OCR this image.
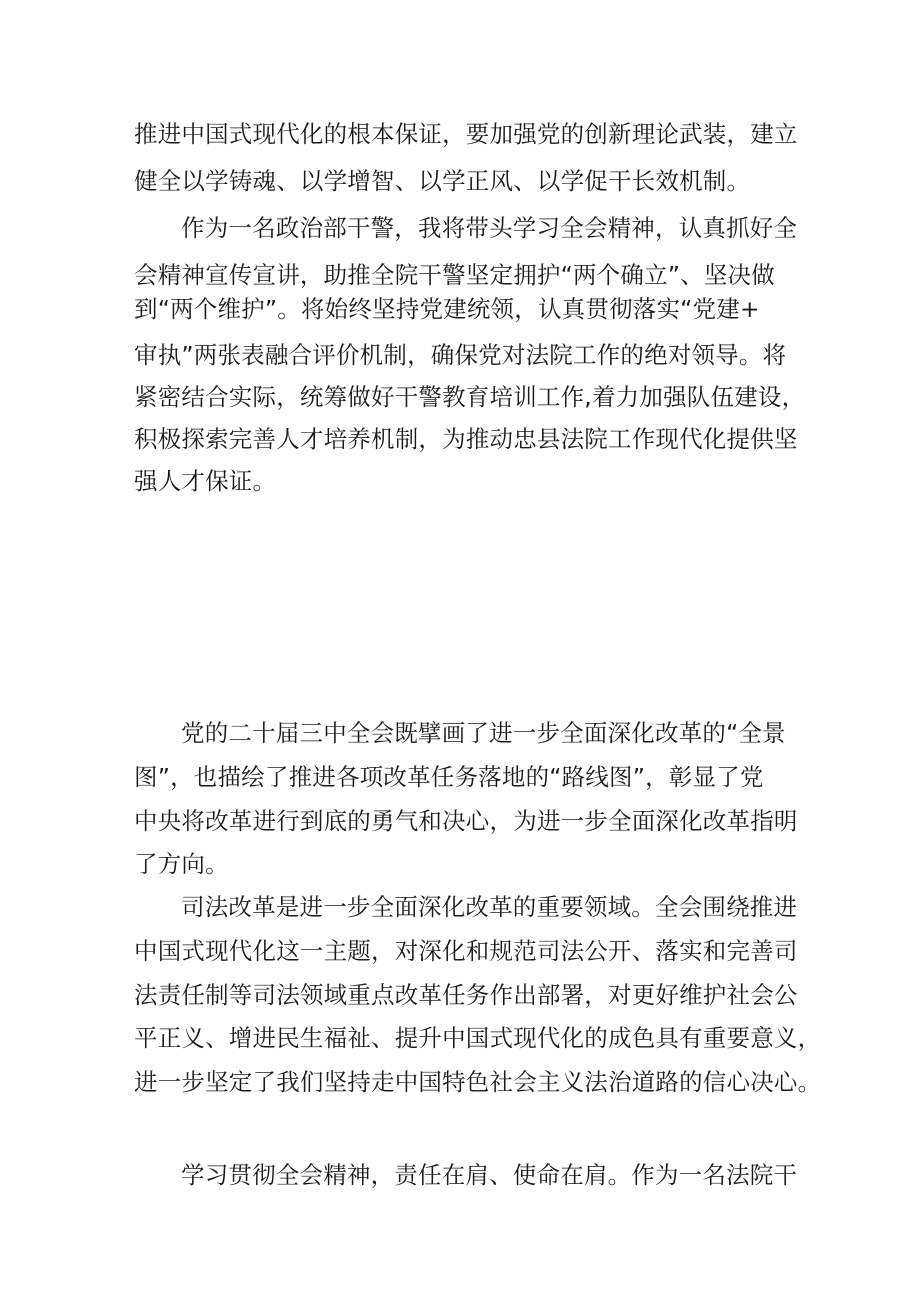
推进中国式现代化的根本保证，要加强党的创新理论武装，建立
健全以学铸魂、以学增智、以学正风、以学促干长效机制。
作为一名政治部干警，我将带头学习全会精神，认真抓好全
会精神宣传宣讲，助推全院干警坚定拥护“两个确立”、坚决做
到“两个维护”。将始终坚持党建统领，认真贯彻落实“党建+
审执”两张表融合评价机制，确保党对法院工作的绝对领导。将
紧密结合实际，统筹做好干警教育培训工作,着力加强队伍建设，
积极探索完善人才培养机制，为推动忠县法院工作现代化提供坚
强人才保证。
党的二十届三中全会既擘画了进一步全面深化改革的“全景
图”，也描绘了推进各项改革任务落地的“路线图”，彰显了党
中央将改革进行到底的勇气和决心，为进一步全面深化改革指明
了方向。
司法改革是进一步全面深化改革的重要领域。全会围绕推进
中国式现代化这一主题，对深化和规范司法公开、落实和完善司
法责任制等司法领域重点改革任务作出部署，对更好维护社会公
平正义、增进民生福祉、提升中国式现代化的成色具有重要意义，
进一步坚定了我们坚持走中国特色社会主义法治道路的信心决心。
学习贯彻全会精神，责任在肩、使命在肩。作为一名法院干
